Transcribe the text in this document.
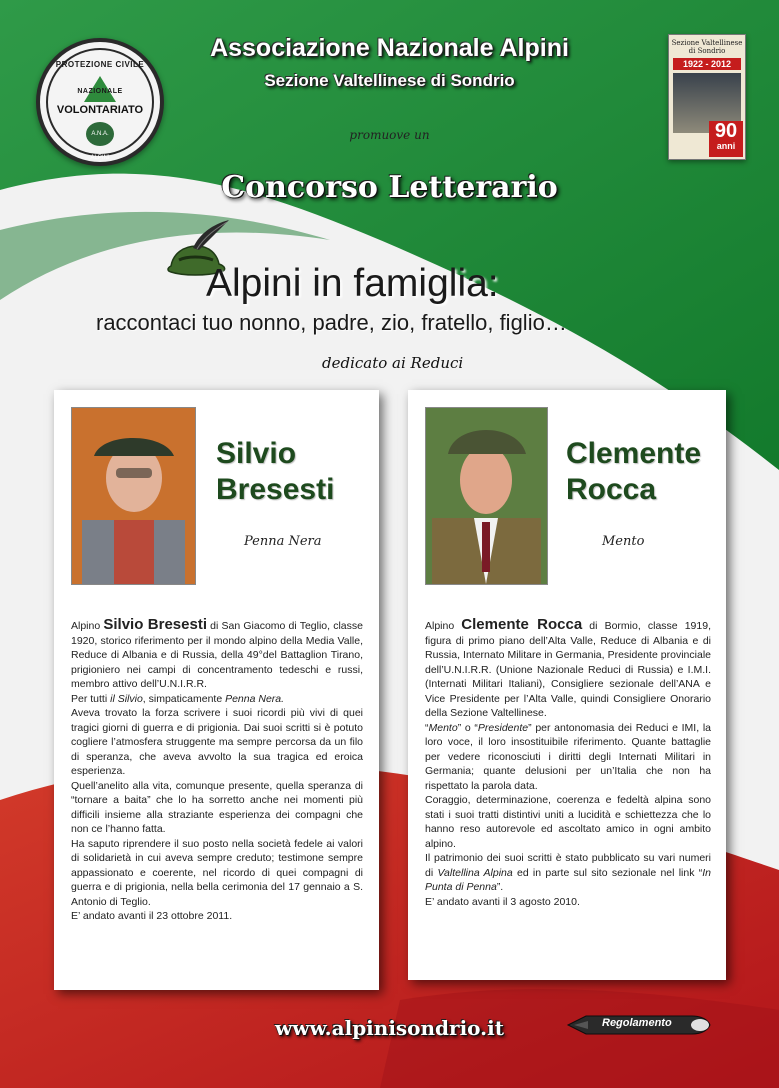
PROTEZIONE CIVILE
NAZIONALE
VOLONTARIATO
A.N.A. ALPINI
Sezione Valtellinese
di Sondrio
1922 - 2012
90
anni
Associazione Nazionale Alpini
Sezione Valtellinese di Sondrio
promuove un
Concorso Letterario
Alpini in famiglia:
raccontaci tuo nonno, padre, zio, fratello, figlio…
dedicato ai Reduci
Silvio
Bresesti
Penna Nera

Alpino Silvio Bresesti di San Giacomo di Teglio, classe 1920, storico riferimento per il mondo alpino della Media Valle, Reduce di Albania e di Russia, della 49°del Battaglion Tirano, prigioniero nei campi di concentramento tedeschi e russi, membro attivo dell’U.N.I.R.R.

Per tutti il Silvio, simpaticamente Penna Nera.

Aveva trovato la forza scrivere i suoi ricordi più vivi di quei tragici giorni di guerra e di prigionia. Dai suoi scritti si è potuto cogliere l’atmosfera struggente ma sempre percorsa da un filo di speranza, che aveva avvolto la sua tragica ed eroica esperienza.

Quell’anelito alla vita, comunque presente, quella speranza di “tornare a baita” che lo ha sorretto anche nei momenti più difficili insieme alla straziante esperienza dei compagni che non ce l’hanno fatta.

Ha saputo riprendere il suo posto nella società fedele ai valori di solidarietà in cui aveva sempre creduto; testimone sempre appassionato e coerente, nel ricordo di quei compagni di guerra e di prigionia, nella bella cerimonia del 17 gennaio a S. Antonio di Teglio.

E’ andato avanti il 23 ottobre 2011.

Clemente
Rocca
Mento

Alpino Clemente Rocca di Bormio, classe 1919, figura di primo piano dell’Alta Valle, Reduce di Albania e di Russia, Internato Militare in Germania, Presidente provinciale dell’U.N.I.R.R. (Unione Nazionale Reduci di Russia) e I.M.I. (Internati Militari Italiani), Consigliere sezionale dell’ANA e Vice Presidente per l’Alta Valle, quindi Consigliere Onorario della Sezione Valtellinese.

“Mento” o “Presidente” per antonomasia dei Reduci e IMI, la loro voce, il loro insostituibile riferimento. Quante battaglie per vedere riconosciuti i diritti degli Internati Militari in Germania; quante delusioni per un’Italia che non ha rispettato la parola data.

Coraggio, determinazione, coerenza e fedeltà alpina sono stati i suoi tratti distintivi uniti a lucidità e schiettezza che lo hanno reso autorevole ed ascoltato amico in ogni ambito alpino.

Il patrimonio dei suoi scritti è stato pubblicato su vari numeri di Valtellina Alpina ed in parte sul sito sezionale nel link “In Punta di Penna”.

E’ andato avanti il 3 agosto 2010.

www.alpinisondrio.it	Regolamento
